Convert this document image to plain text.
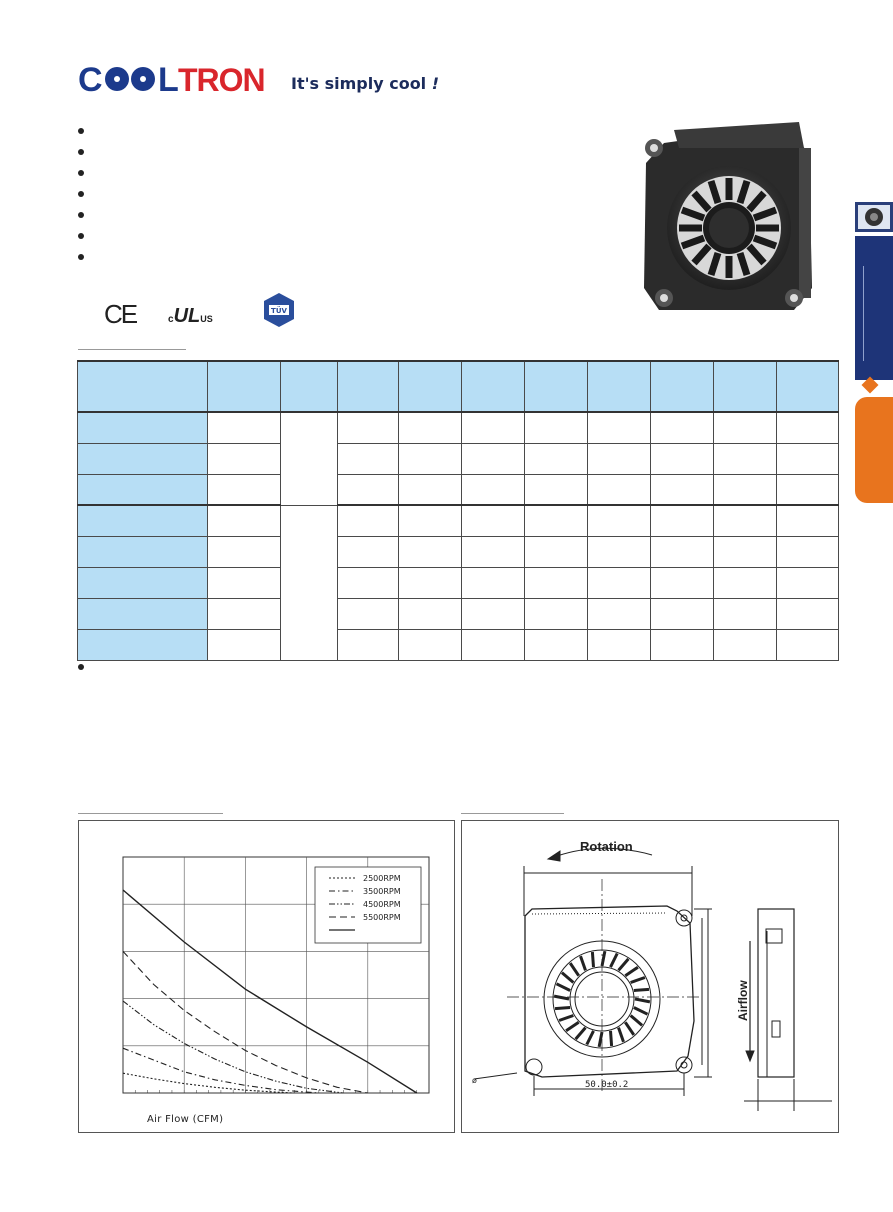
C L TRON It's simply cool !
CE	cULUS
TÜV

2500RPM
3500RPM
4500RPM
5500RPM
Air Flow (CFM)
Rotation
Airflow
50.0±0.2
ø
